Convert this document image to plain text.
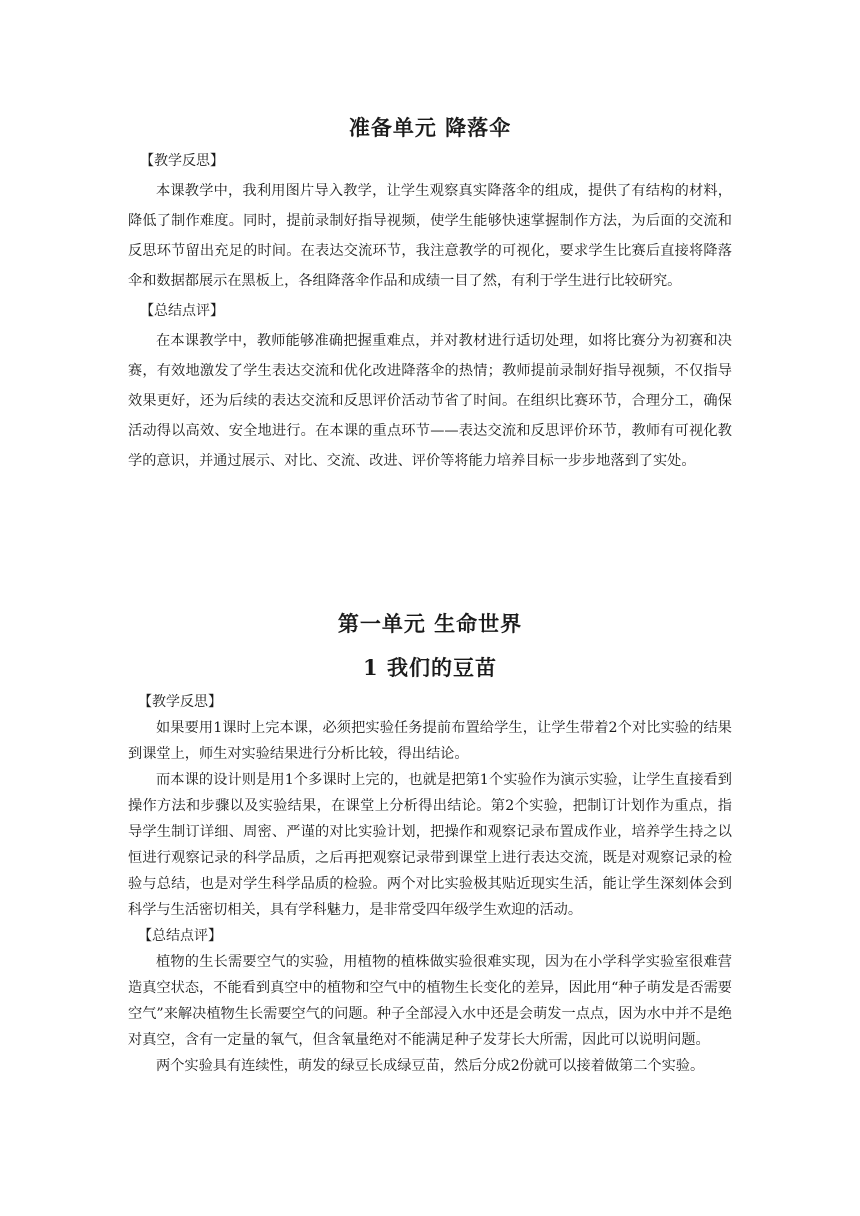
准备单元 降落伞

【教学反思】

本课教学中，我利用图片导入教学，让学生观察真实降落伞的组成，提供了有结构的材料，降低了制作难度。同时，提前录制好指导视频，使学生能够快速掌握制作方法，为后面的交流和反思环节留出充足的时间。在表达交流环节，我注意教学的可视化，要求学生比赛后直接将降落伞和数据都展示在黑板上，各组降落伞作品和成绩一目了然，有利于学生进行比较研究。

【总结点评】

在本课教学中，教师能够准确把握重难点，并对教材进行适切处理，如将比赛分为初赛和决赛，有效地激发了学生表达交流和优化改进降落伞的热情；教师提前录制好指导视频，不仅指导效果更好，还为后续的表达交流和反思评价活动节省了时间。在组织比赛环节，合理分工，确保活动得以高效、安全地进行。在本课的重点环节——表达交流和反思评价环节，教师有可视化教学的意识，并通过展示、对比、交流、改进、评价等将能力培养目标一步步地落到了实处。

第一单元 生命世界
1 我们的豆苗

【教学反思】

如果要用1课时上完本课，必须把实验任务提前布置给学生，让学生带着2个对比实验的结果到课堂上，师生对实验结果进行分析比较，得出结论。

而本课的设计则是用1个多课时上完的，也就是把第1个实验作为演示实验，让学生直接看到操作方法和步骤以及实验结果，在课堂上分析得出结论。第2个实验，把制订计划作为重点，指导学生制订详细、周密、严谨的对比实验计划，把操作和观察记录布置成作业，培养学生持之以恒进行观察记录的科学品质，之后再把观察记录带到课堂上进行表达交流，既是对观察记录的检验与总结，也是对学生科学品质的检验。两个对比实验极其贴近现实生活，能让学生深刻体会到科学与生活密切相关，具有学科魅力，是非常受四年级学生欢迎的活动。

【总结点评】

植物的生长需要空气的实验，用植物的植株做实验很难实现，因为在小学科学实验室很难营造真空状态，不能看到真空中的植物和空气中的植物生长变化的差异，因此用“种子萌发是否需要空气”来解决植物生长需要空气的问题。种子全部浸入水中还是会萌发一点点，因为水中并不是绝对真空，含有一定量的氧气，但含氧量绝对不能满足种子发芽长大所需，因此可以说明问题。

两个实验具有连续性，萌发的绿豆长成绿豆苗，然后分成2份就可以接着做第二个实验。
